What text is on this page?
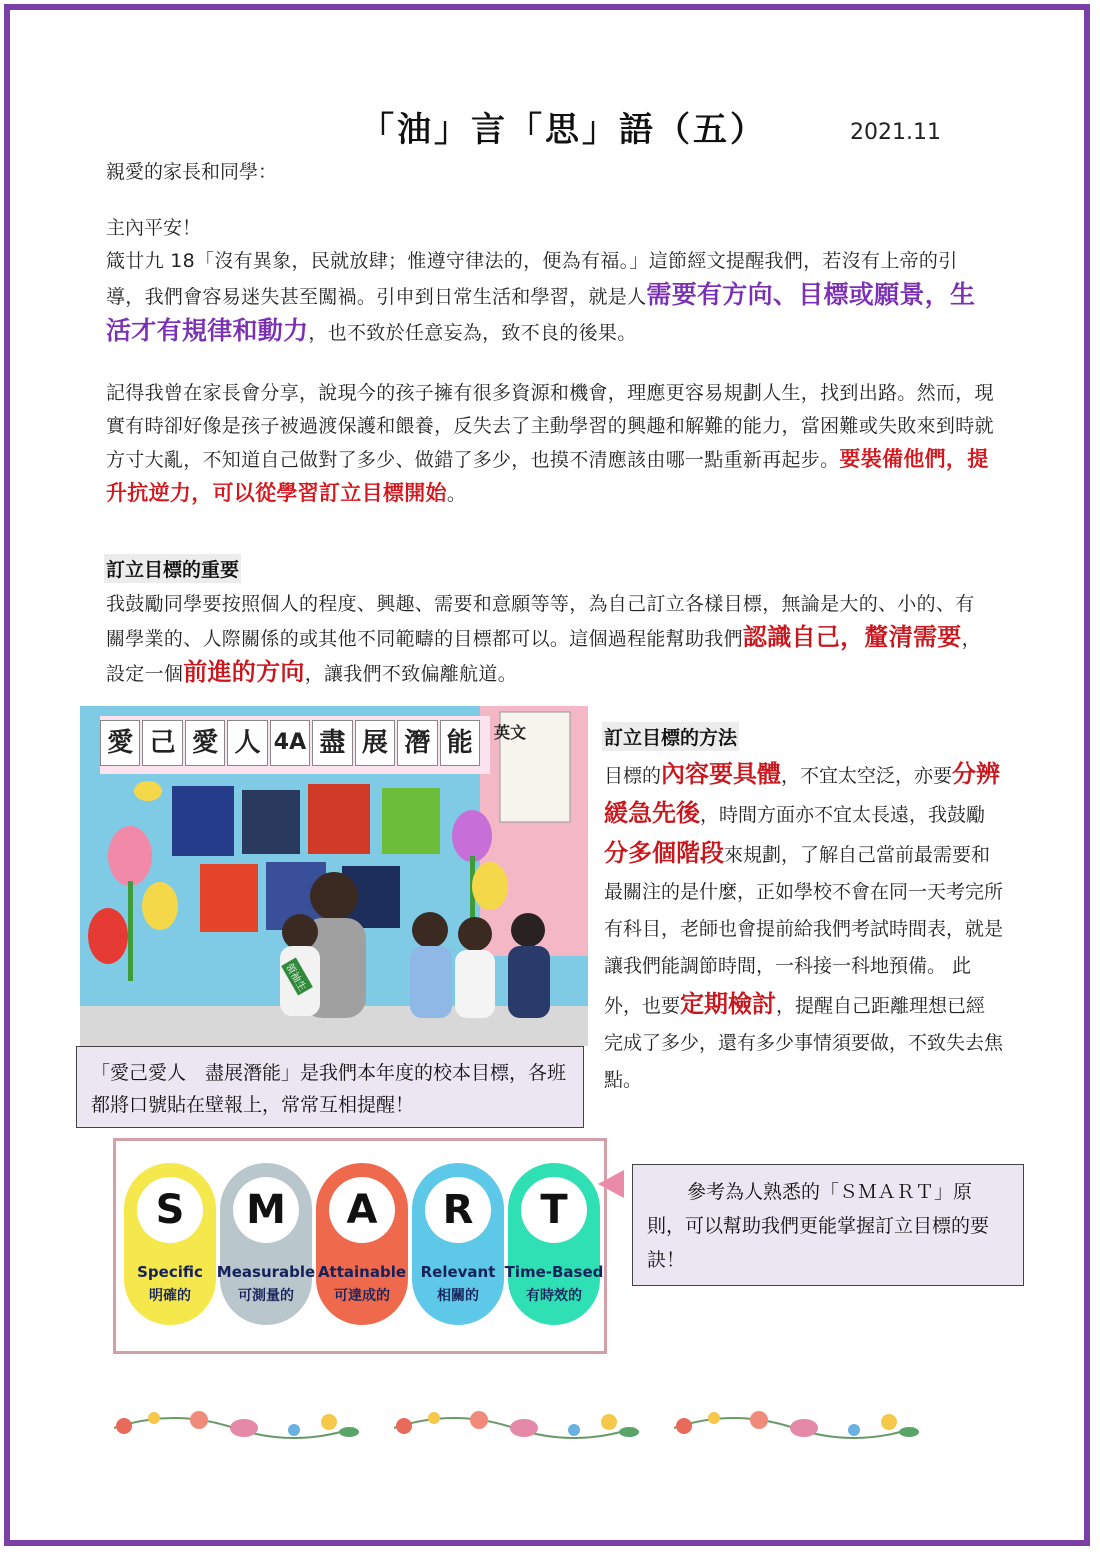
「油」言「思」語（五）	2021.11
親愛的家長和同學：
主內平安！
箴廿九 18「沒有異象，民就放肆；惟遵守律法的，便為有福。」這節經文提醒我們，若沒有上帝的引導，我們會容易迷失甚至闖禍。引申到日常生活和學習，就是人需要有方向、目標或願景，生活才有規律和動力，也不致於任意妄為，致不良的後果。
記得我曾在家長會分享，說現今的孩子擁有很多資源和機會，理應更容易規劃人生，找到出路。然而，現實有時卻好像是孩子被過渡保護和餵養，反失去了主動學習的興趣和解難的能力，當困難或失敗來到時就方寸大亂，不知道自己做對了多少、做錯了多少，也摸不清應該由哪一點重新再起步。要裝備他們，提升抗逆力，可以從學習訂立目標開始。
訂立目標的重要
我鼓勵同學要按照個人的程度、興趣、需要和意願等等，為自己訂立各樣目標，無論是大的、小的、有關學業的、人際關係的或其他不同範疇的目標都可以。這個過程能幫助我們認識自己，釐清需要，設定一個前進的方向，讓我們不致偏離航道。
愛 己 愛 人 4A 盡 展 潛 能	英文
領袖生
「愛己愛人　盡展潛能」是我們本年度的校本目標，各班都將口號貼在壁報上，常常互相提醒！
訂立目標的方法
目標的內容要具體，不宜太空泛，亦要分辨緩急先後，時間方面亦不宜太長遠，我鼓勵分多個階段來規劃，了解自己當前最需要和最關注的是什麼，正如學校不會在同一天考完所有科目，老師也會提前給我們考試時間表，就是讓我們能調節時間，一科接一科地預備。 此外，也要定期檢討，提醒自己距離理想已經完成了多少，還有多少事情須要做，不致失去焦點。
S
Specific
明確的
M
Measurable
可測量的
A
Attainable
可達成的
R
Relevant
相關的
T
Time-Based
有時效的
參考為人熟悉的「ＳＭＡＲＴ」原則，可以幫助我們更能掌握訂立目標的要訣！
